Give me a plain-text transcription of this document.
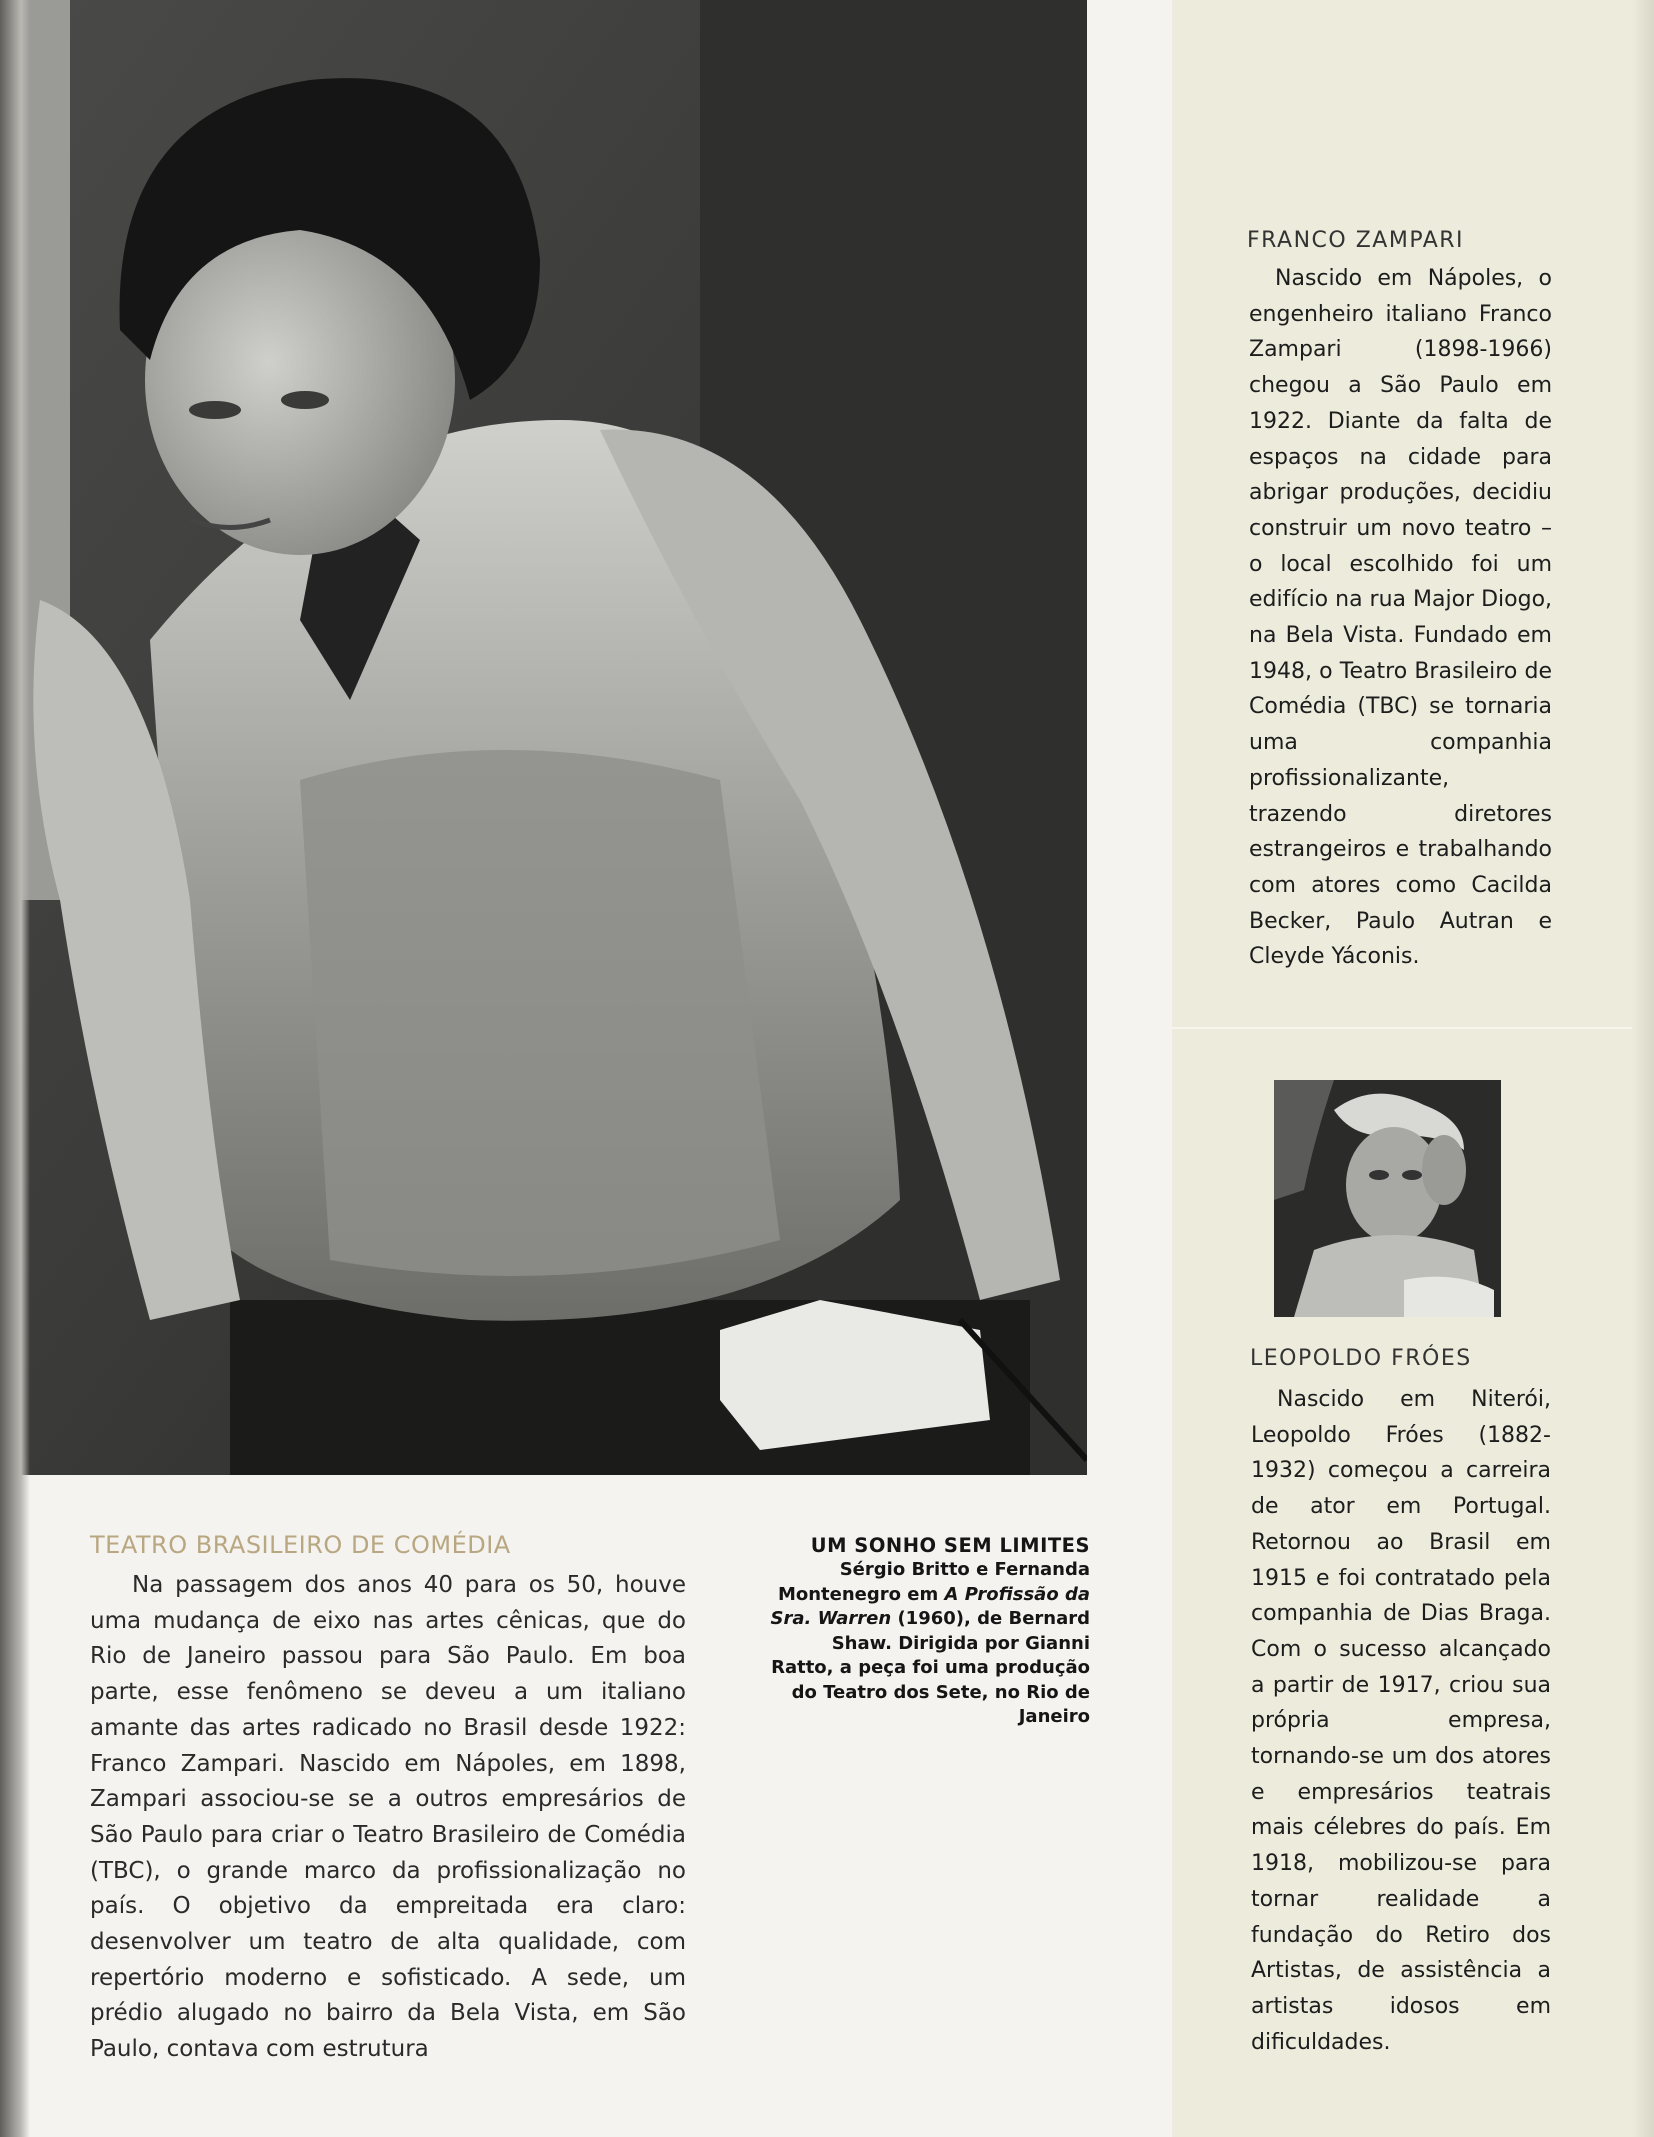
UM SONHO SEM LIMITES
Sérgio Britto e Fernanda Montenegro em A Profissão da Sra. Warren (1960), de Bernard Shaw. Dirigida por Gianni Ratto, a peça foi uma produção do Teatro dos Sete, no Rio de Janeiro
TEATRO BRASILEIRO DE COMÉDIA
Na passagem dos anos 40 para os 50, houve uma mudança de eixo nas artes cênicas, que do Rio de Janeiro passou para São Paulo. Em boa parte, esse fenômeno se deveu a um italiano amante das artes radicado no Brasil desde 1922: Franco Zampari. Nascido em Nápoles, em 1898, Zampari associou-se se a outros empresários de São Paulo para criar o Teatro Brasileiro de Comédia (TBC), o grande marco da profissionalização no país. O objetivo da empreitada era claro: desenvolver um teatro de alta qualidade, com repertório moderno e sofisticado. A sede, um prédio alugado no bairro da Bela Vista, em São Paulo, contava com estrutura
FRANCO ZAMPARI
Nascido em Nápoles, o engenheiro italiano Franco Zampari (1898-1966) chegou a São Paulo em 1922. Diante da falta de espaços na cidade para abrigar produções, decidiu construir um novo teatro – o local escolhido foi um edifício na rua Major Diogo, na Bela Vista. Fundado em 1948, o Teatro Brasileiro de Comédia (TBC) se tornaria uma companhia profissionalizante, trazendo diretores estrangeiros e trabalhando com atores como Cacilda Becker, Paulo Autran e Cleyde Yáconis.
LEOPOLDO FRÓES
Nascido em Niterói, Leopoldo Fróes (1882-1932) começou a carreira de ator em Portugal. Retornou ao Brasil em 1915 e foi contratado pela companhia de Dias Braga. Com o sucesso alcançado a partir de 1917, criou sua própria empresa, tornando-se um dos atores e empresários teatrais mais célebres do país. Em 1918, mobilizou-se para tornar realidade a fundação do Retiro dos Artistas, de assistência a artistas idosos em dificuldades.
